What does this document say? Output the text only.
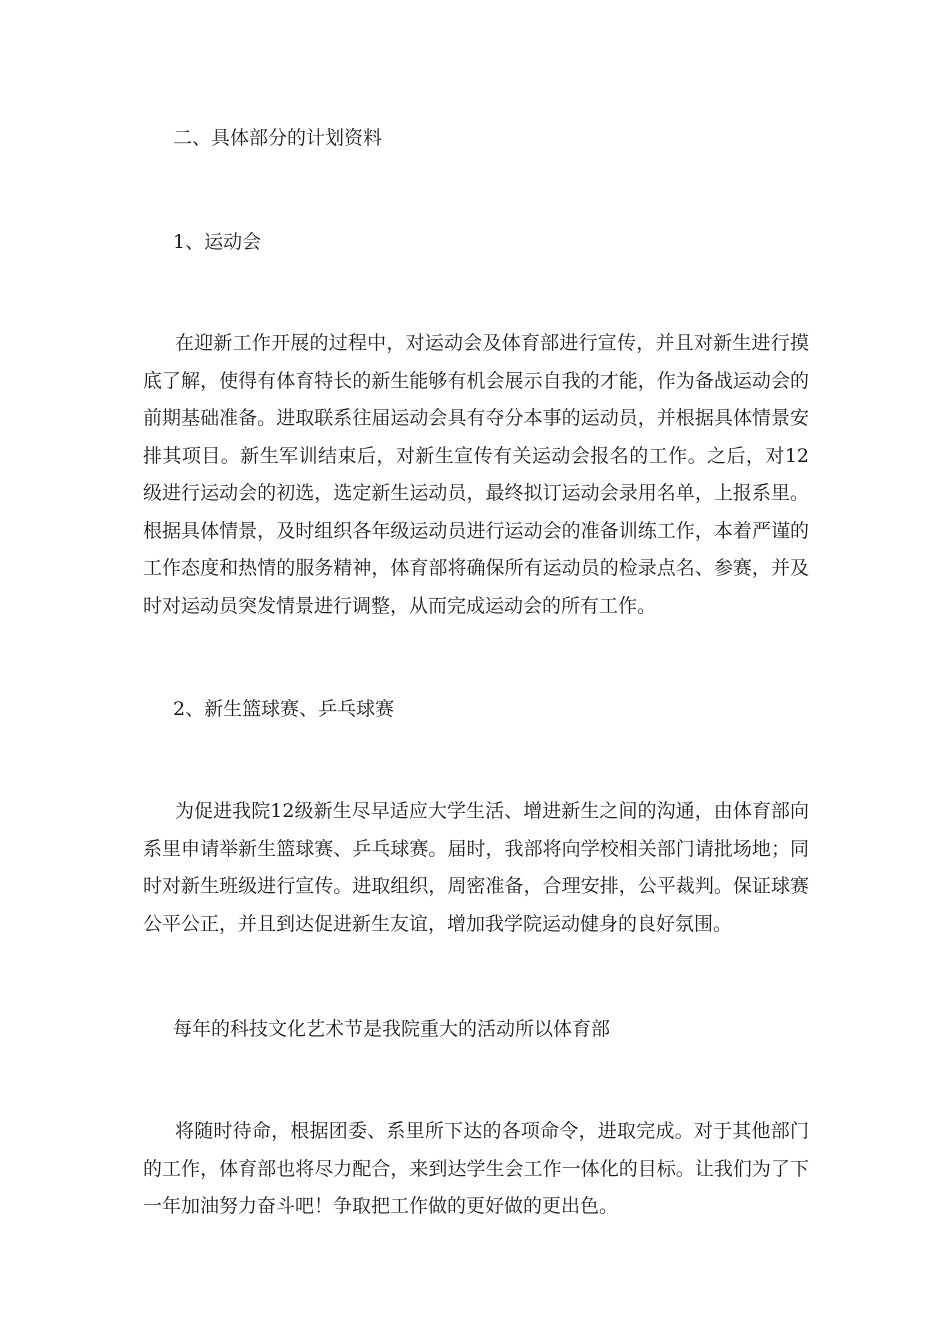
二、具体部分的计划资料

1、运动会

在迎新工作开展的过程中，对运动会及体育部进行宣传，并且对新生进行摸底了解，使得有体育特长的新生能够有机会展示自我的才能，作为备战运动会的前期基础准备。进取联系往届运动会具有夺分本事的运动员，并根据具体情景安排其项目。新生军训结束后，对新生宣传有关运动会报名的工作。之后，对12级进行运动会的初选，选定新生运动员，最终拟订运动会录用名单，上报系里。根据具体情景，及时组织各年级运动员进行运动会的准备训练工作，本着严谨的工作态度和热情的服务精神，体育部将确保所有运动员的检录点名、参赛，并及时对运动员突发情景进行调整，从而完成运动会的所有工作。

2、新生篮球赛、乒乓球赛

为促进我院12级新生尽早适应大学生活、增进新生之间的沟通，由体育部向系里申请举新生篮球赛、乒乓球赛。届时，我部将向学校相关部门请批场地；同时对新生班级进行宣传。进取组织，周密准备，合理安排，公平裁判。保证球赛公平公正，并且到达促进新生友谊，增加我学院运动健身的良好氛围。

每年的科技文化艺术节是我院重大的活动所以体育部

将随时待命，根据团委、系里所下达的各项命令，进取完成。对于其他部门的工作，体育部也将尽力配合，来到达学生会工作一体化的目标。让我们为了下一年加油努力奋斗吧！争取把工作做的更好做的更出色。
